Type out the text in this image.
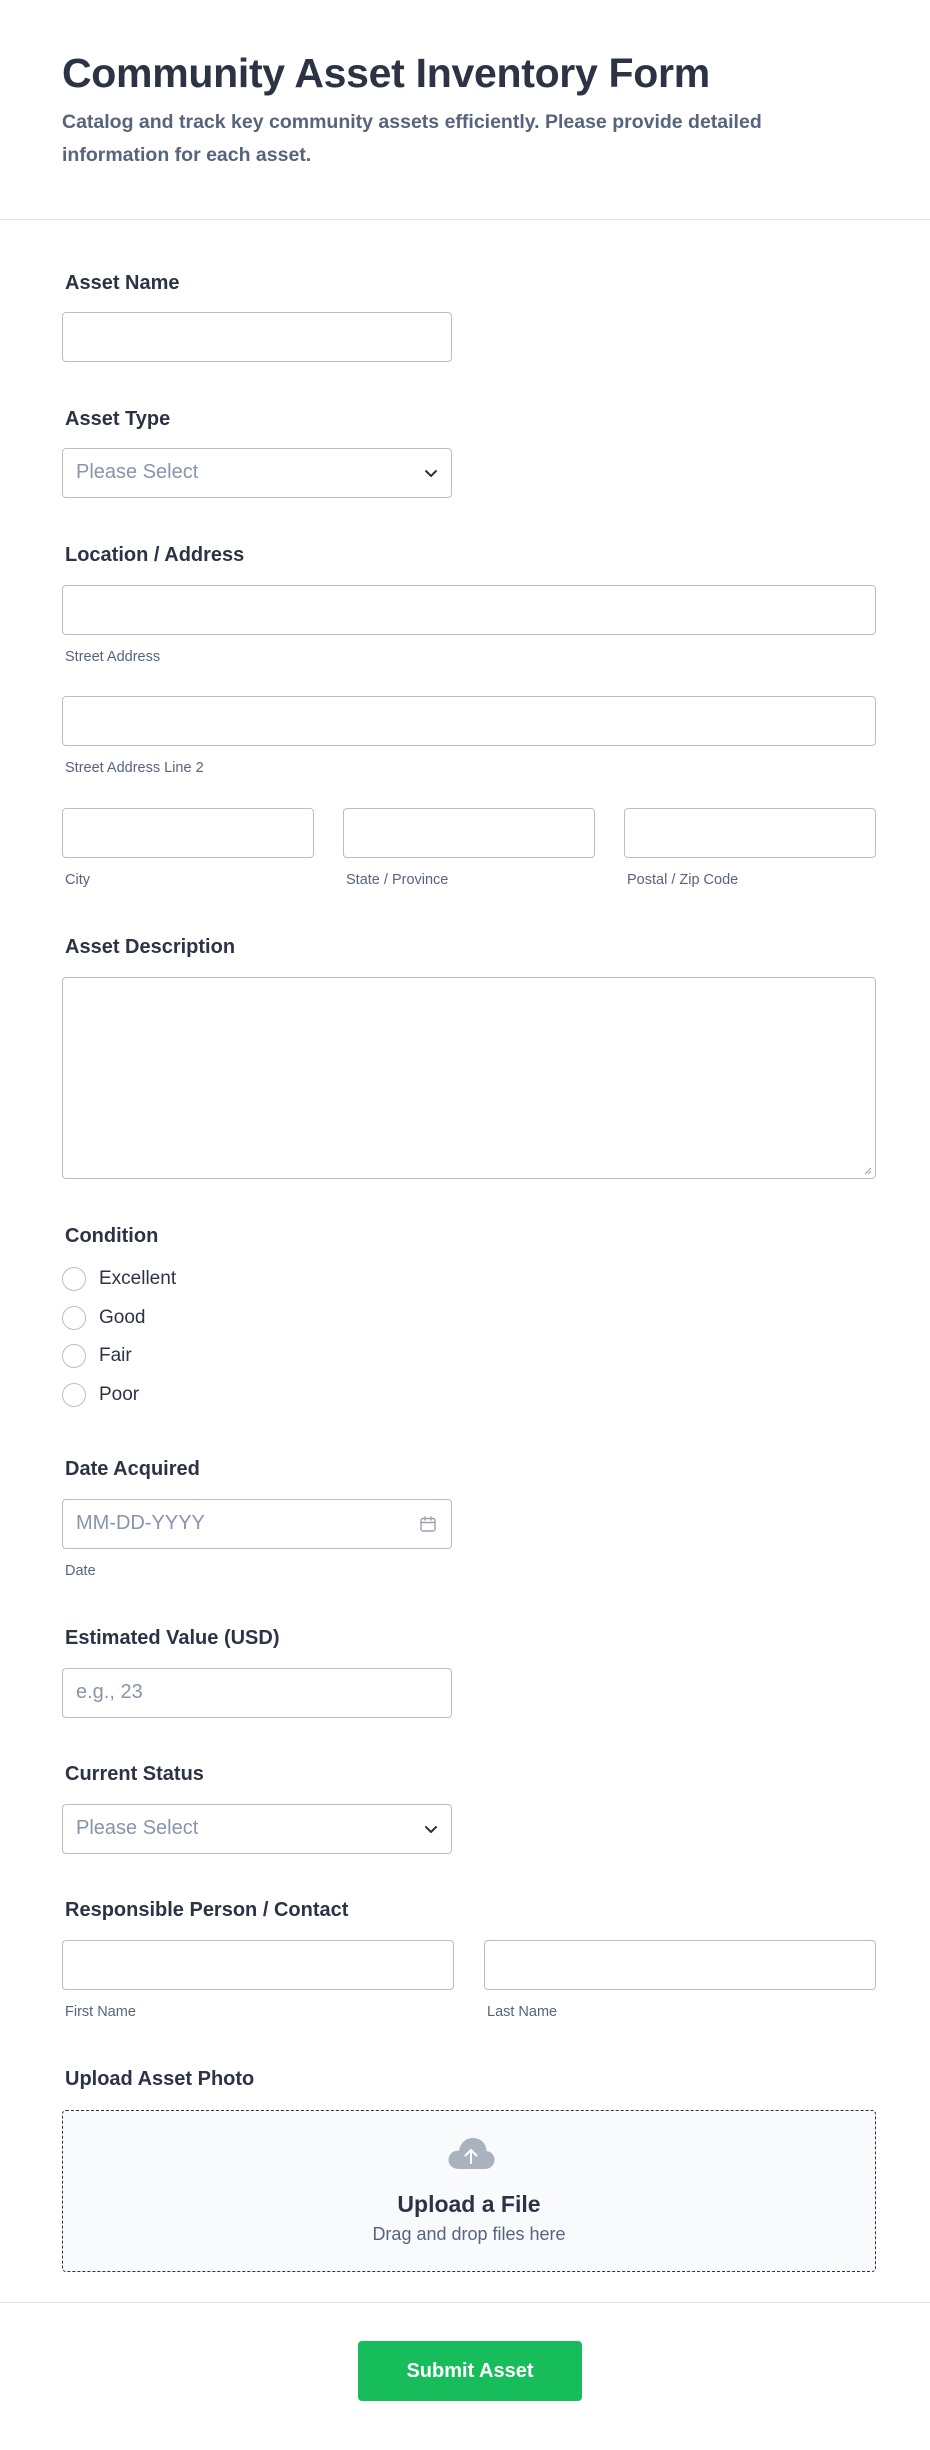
Community Asset Inventory Form

Catalog and track key community assets efficiently. Please provide detailed information for each asset.

Asset Name
Asset Type
Please Select
Location / Address
Street Address
Street Address Line 2
City	State / Province	Postal / Zip Code
Asset Description
Condition
Excellent
Good
Fair
Poor
Date Acquired
MM-DD-YYYY
Date
Estimated Value (USD)
e.g., 23
Current Status
Please Select
Responsible Person / Contact
First Name	Last Name
Upload Asset Photo
Upload a File
Drag and drop files here
Submit Asset
